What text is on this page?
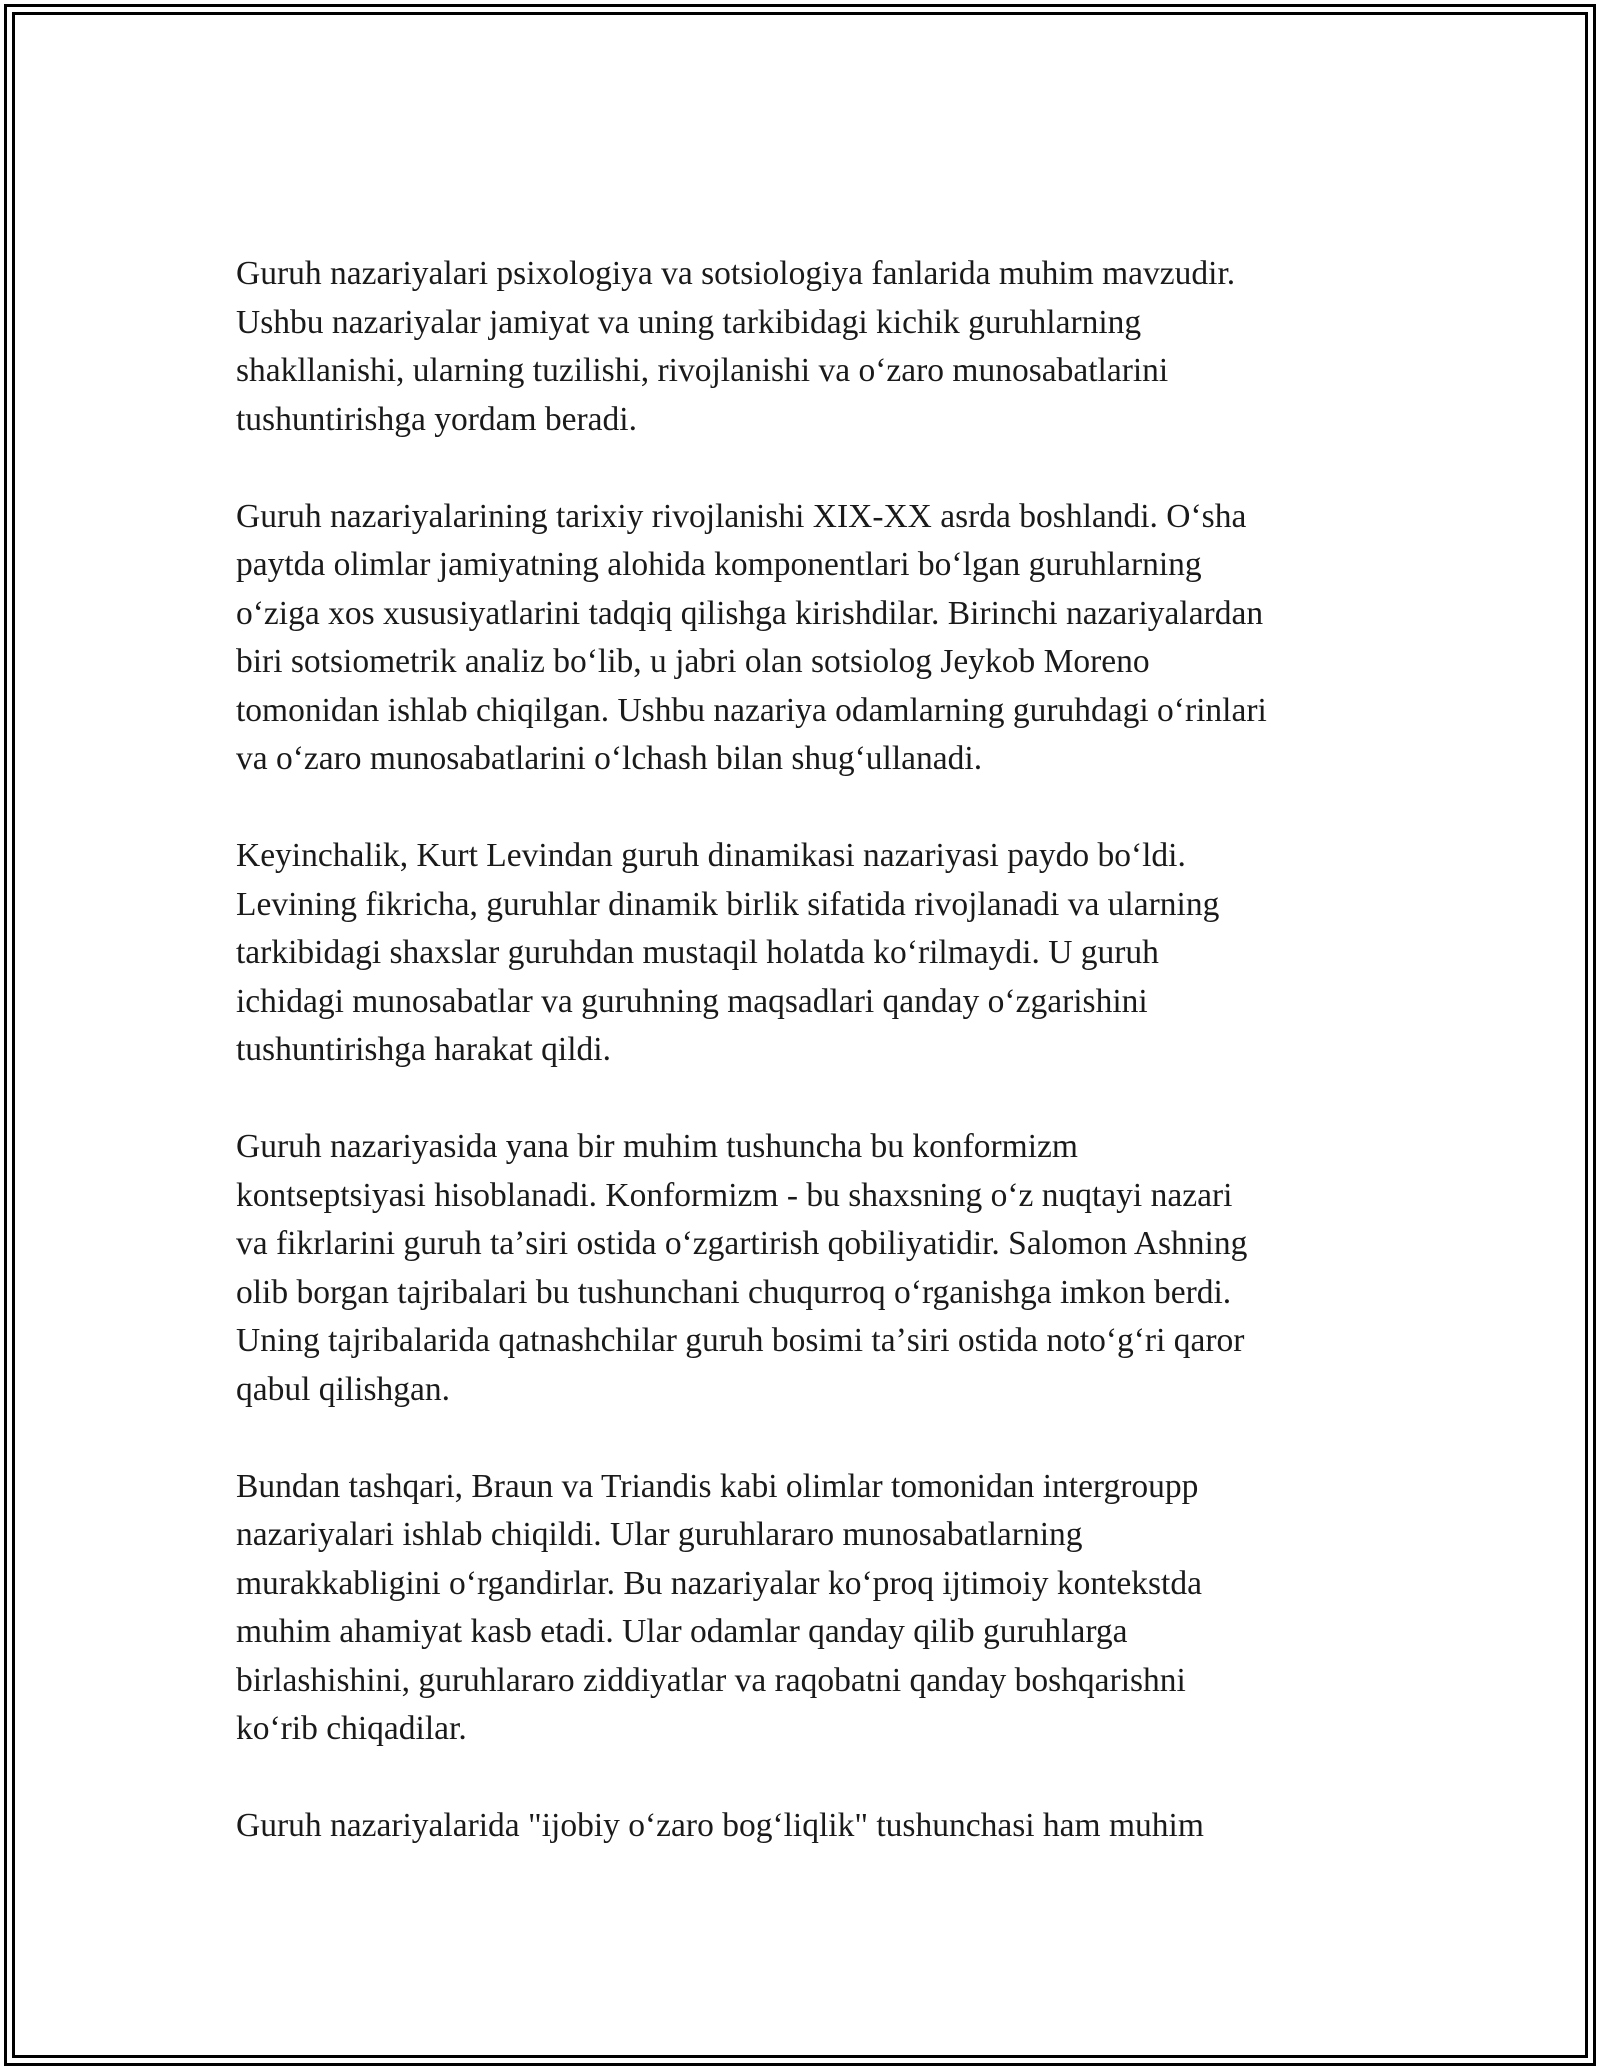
Guruh nazariyalari psixologiya va sotsiologiya fanlarida muhim mavzudir.
Ushbu nazariyalar jamiyat va uning tarkibidagi kichik guruhlarning
shakllanishi, ularning tuzilishi, rivojlanishi va oʻzaro munosabatlarini
tushuntirishga yordam beradi.
Guruh nazariyalarining tarixiy rivojlanishi XIX-XX asrda boshlandi. Oʻsha
paytda olimlar jamiyatning alohida komponentlari boʻlgan guruhlarning
oʻziga xos xususiyatlarini tadqiq qilishga kirishdilar. Birinchi nazariyalardan
biri sotsiometrik analiz boʻlib, u jabri olan sotsiolog Jeykob Moreno
tomonidan ishlab chiqilgan. Ushbu nazariya odamlarning guruhdagi oʻrinlari
va oʻzaro munosabatlarini oʻlchash bilan shugʻullanadi.
Keyinchalik, Kurt Levindan guruh dinamikasi nazariyasi paydo boʻldi.
Levining fikricha, guruhlar dinamik birlik sifatida rivojlanadi va ularning
tarkibidagi shaxslar guruhdan mustaqil holatda koʻrilmaydi. U guruh
ichidagi munosabatlar va guruhning maqsadlari qanday oʻzgarishini
tushuntirishga harakat qildi.
Guruh nazariyasida yana bir muhim tushuncha bu konformizm
kontseptsiyasi hisoblanadi. Konformizm - bu shaxsning oʻz nuqtayi nazari
va fikrlarini guruh taʼsiri ostida oʻzgartirish qobiliyatidir. Salomon Ashning
olib borgan tajribalari bu tushunchani chuqurroq oʻrganishga imkon berdi.
Uning tajribalarida qatnashchilar guruh bosimi taʼsiri ostida notoʻgʻri qaror
qabul qilishgan.
Bundan tashqari, Braun va Triandis kabi olimlar tomonidan intergroupp
nazariyalari ishlab chiqildi. Ular guruhlararo munosabatlarning
murakkabligini oʻrgandirlar. Bu nazariyalar koʻproq ijtimoiy kontekstda
muhim ahamiyat kasb etadi. Ular odamlar qanday qilib guruhlarga
birlashishini, guruhlararo ziddiyatlar va raqobatni qanday boshqarishni
koʻrib chiqadilar.
Guruh nazariyalarida "ijobiy oʻzaro bogʻliqlik" tushunchasi ham muhim
